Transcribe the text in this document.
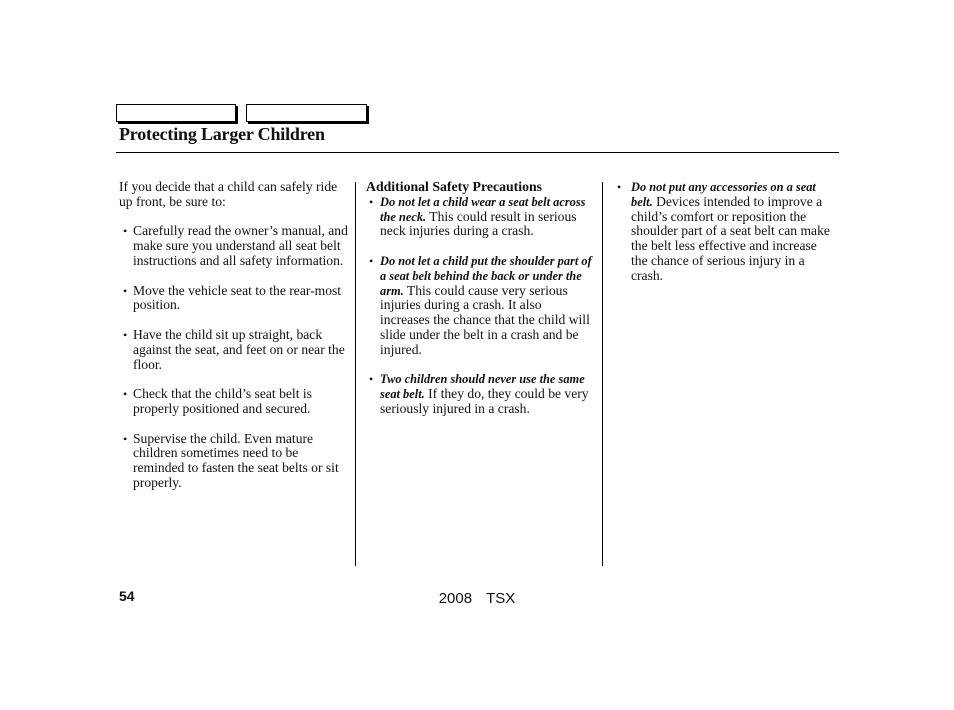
Protecting Larger Children

If you decide that a child can safely ride up front, be sure to:

• Carefully read the owner’s manual, and make sure you understand all seat belt instructions and all safety information.
• Move the vehicle seat to the rear-most position.
• Have the child sit up straight, back against the seat, and feet on or near the floor.
• Check that the child’s seat belt is properly positioned and secured.
• Supervise the child. Even mature children sometimes need to be reminded to fasten the seat belts or sit properly.

Additional Safety Precautions

• Do not let a child wear a seat belt across the neck. This could result in serious neck injuries during a crash.
• Do not let a child put the shoulder part of a seat belt behind the back or under the arm. This could cause very serious injuries during a crash. It also increases the chance that the child will slide under the belt in a crash and be injured.
• Two children should never use the same seat belt. If they do, they could be very seriously injured in a crash.
• Do not put any accessories on a seat belt. Devices intended to improve a child’s comfort or reposition the shoulder part of a seat belt can make the belt less effective and increase the chance of serious injury in a crash.
54	2008  TSX
